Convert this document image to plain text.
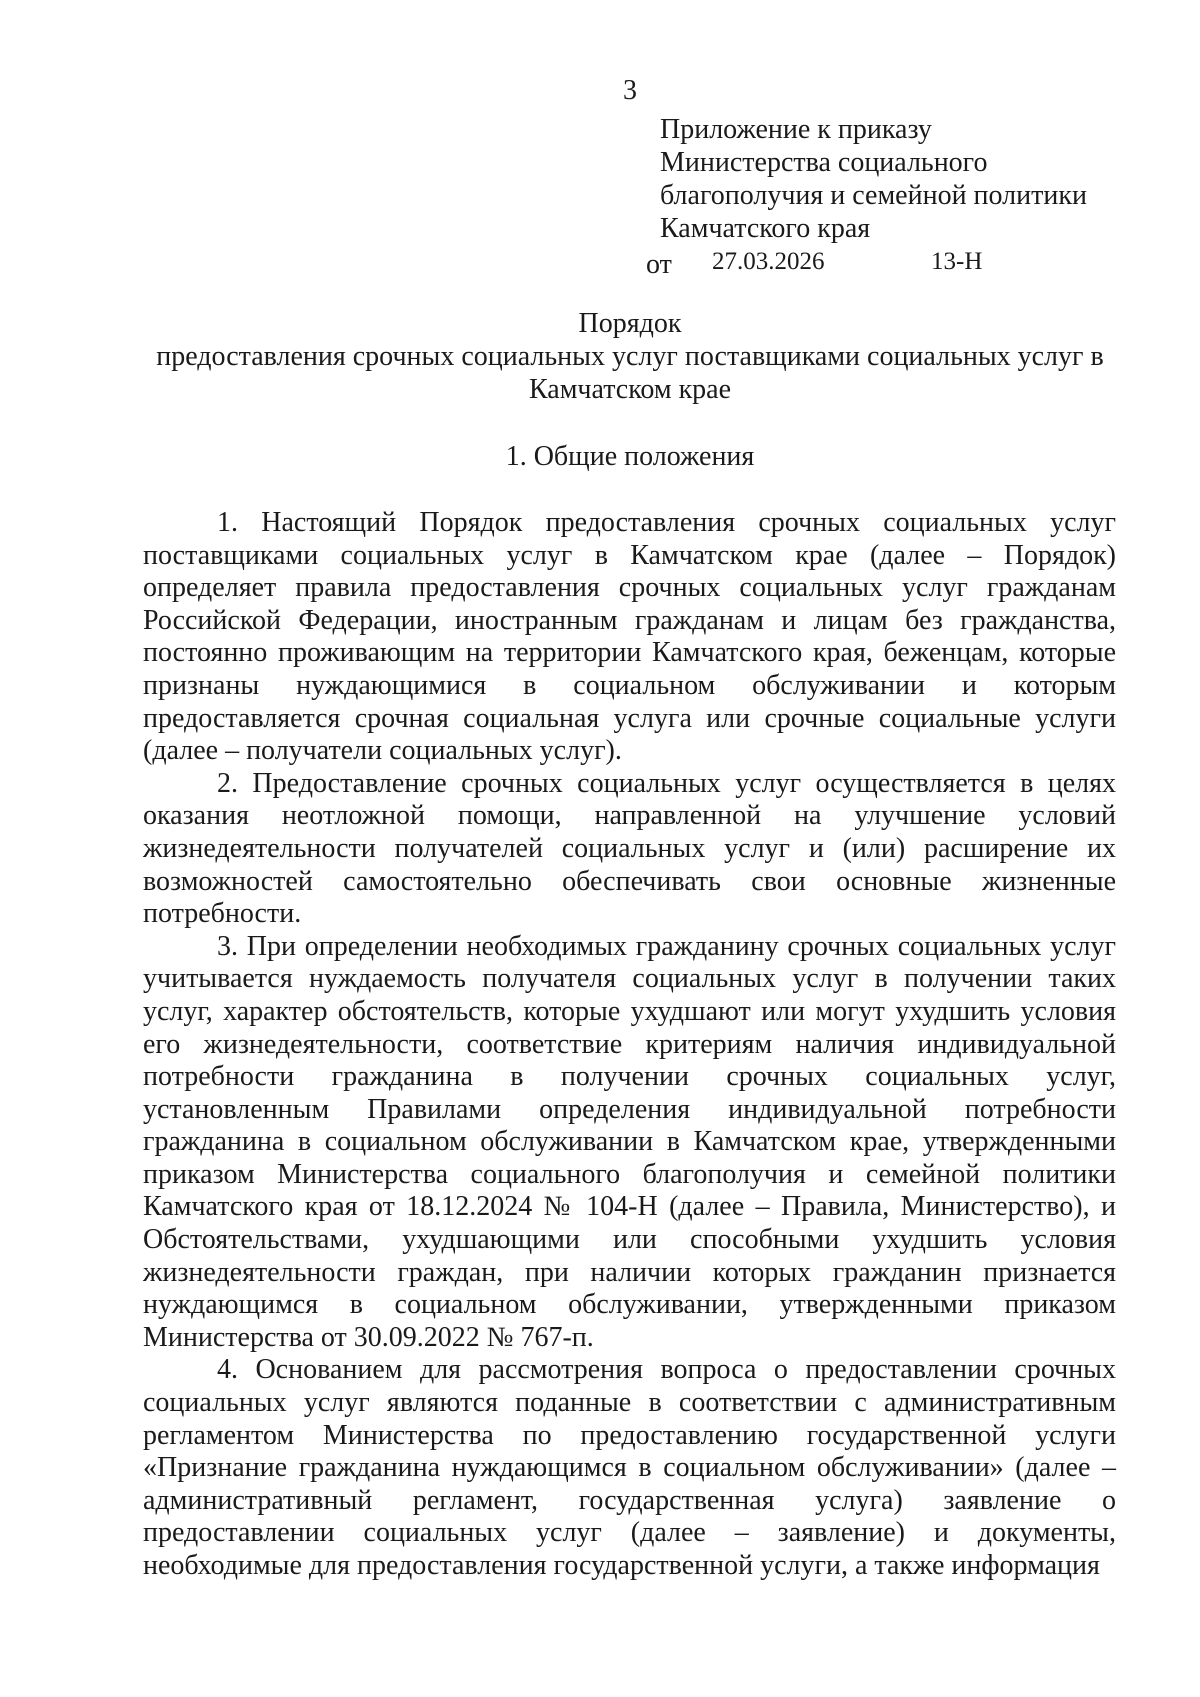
3
Приложение к приказу
Министерства социального
благополучия и семейной политики
Камчатского края
от 27.03.2026	13-Н
Порядок
предоставления срочных социальных услуг поставщиками социальных услуг в
Камчатском крае
1. Общие положения

1. Настоящий Порядок предоставления срочных социальных услуг поставщиками социальных услуг в Камчатском крае (далее – Порядок) определяет правила предоставления срочных социальных услуг гражданам Российской Федерации, иностранным гражданам и лицам без гражданства, постоянно проживающим на территории Камчатского края, беженцам, которые признаны нуждающимися в социальном обслуживании и которым предоставляется срочная социальная услуга или срочные социальные услуги (далее – получатели социальных услуг).

2. Предоставление срочных социальных услуг осуществляется в целях оказания неотложной помощи, направленной на улучшение условий жизнедеятельности получателей социальных услуг и (или) расширение их возможностей самостоятельно обеспечивать свои основные жизненные потребности.

3. При определении необходимых гражданину срочных социальных услуг учитывается нуждаемость получателя социальных услуг в получении таких услуг, характер обстоятельств, которые ухудшают или могут ухудшить условия его жизнедеятельности, соответствие критериям наличия индивидуальной потребности гражданина в получении срочных социальных услуг, установленным Правилами определения индивидуальной потребности гражданина в социальном обслуживании в Камчатском крае, утвержденными приказом Министерства социального благополучия и семейной политики Камчатского края от 18.12.2024 № 104-Н (далее – Правила, Министерство), и Обстоятельствами, ухудшающими или способными ухудшить условия жизнедеятельности граждан, при наличии которых гражданин признается нуждающимся в социальном обслуживании, утвержденными приказом Министерства от 30.09.2022 № 767-п.

4. Основанием для рассмотрения вопроса о предоставлении срочных социальных услуг являются поданные в соответствии с административным регламентом Министерства по предоставлению государственной услуги «Признание гражданина нуждающимся в социальном обслуживании» (далее – административный регламент, государственная услуга) заявление о предоставлении социальных услуг (далее – заявление) и документы, необходимые для предоставления государственной услуги, а также информация
